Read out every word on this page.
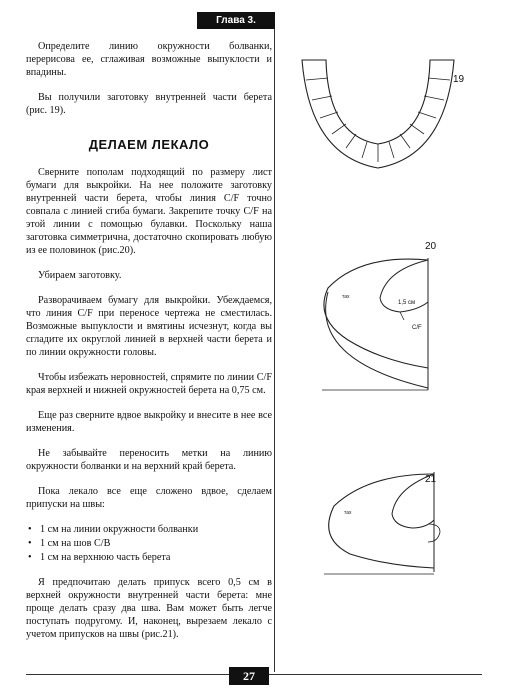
Глава 3. Береты

Определите линию окружности болванки, перерисова ее, сглаживая возможные выпуклости и впадины.

Вы получили заготовку внутренней части берета (рис. 19).

ДЕЛАЕМ ЛЕКАЛО

Сверните пополам подходящий по размеру лист бумаги для выкройки. На нее положите заготовку внутренней части берета, чтобы линия C/F точно совпала с линией сгиба бумаги. Закрепите точку C/F на этой линии с помощью булавки. Поскольку наша заготовка симметрична, достаточно скопировать любую из ее половинок (рис.20).

Убираем заготовку.

Разворачиваем бумагу для выкройки. Убеждаемся, что линия C/F при переносе чертежа не сместилась. Возможные выпуклости и вмятины исчезнут, когда вы сгладите их округлой линией в верхней части берета и по линии окружности головы.

Чтобы избежать неровностей, спрямите по линии C/F края верхней и нижней окружностей берета на 0,75 см.

Еще раз сверните вдвое выкройку и внесите в нее все изменения.

Не забывайте переносить метки на линию окружности болванки и на верхний край берета.

Пока лекало все еще сложено вдвое, сделаем припуски на швы:

• 1 см на линии окружности болванки
• 1 см на шов C/B
• 1 см на верхнюю часть берета

Я предпочитаю делать припуск всего 0,5 см в верхней окружности внутренней части берета: мне проще делать сразу два шва. Вам может быть легче поступать подругому. И, наконец, вырезаем лекало с учетом припусков на швы (рис.21).

19
тах
20
1,5 см
C/F
тах
21
27
